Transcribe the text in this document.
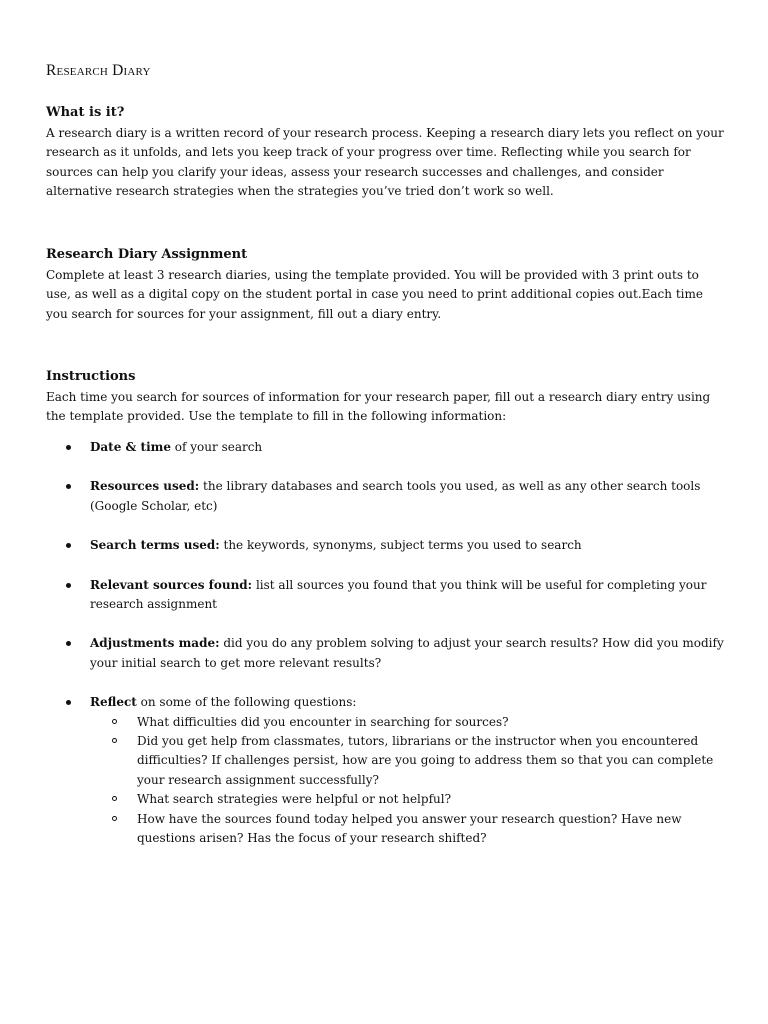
Research Diary
What is it?

A research diary is a written record of your research process. Keeping a research diary lets you reflect on your research as it unfolds, and lets you keep track of your progress over time. Reflecting while you search for sources can help you clarify your ideas, assess your research successes and challenges, and consider alternative research strategies when the strategies you’ve tried don’t work so well.

Research Diary Assignment

Complete at least 3 research diaries, using the template provided. You will be provided with 3 print outs to use, as well as a digital copy on the student portal in case you need to print additional copies out.Each time you search for sources for your assignment, fill out a diary entry.

Instructions

Each time you search for sources of information for your research paper, fill out a research diary entry using the template provided. Use the template to fill in the following information:

Date & time of your search
Resources used: the library databases and search tools you used, as well as any other search tools (Google Scholar, etc)
Search terms used: the keywords, synonyms, subject terms you used to search
Relevant sources found: list all sources you found that you think will be useful for completing your research assignment
Adjustments made: did you do any problem solving to adjust your search results? How did you modify your initial search to get more relevant results?
Reflect on some of the following questions:
What difficulties did you encounter in searching for sources?
Did you get help from classmates, tutors, librarians or the instructor when you encountered difficulties? If challenges persist, how are you going to address them so that you can complete your research assignment successfully?
What search strategies were helpful or not helpful?
How have the sources found today helped you answer your research question? Have new questions arisen? Has the focus of your research shifted?
